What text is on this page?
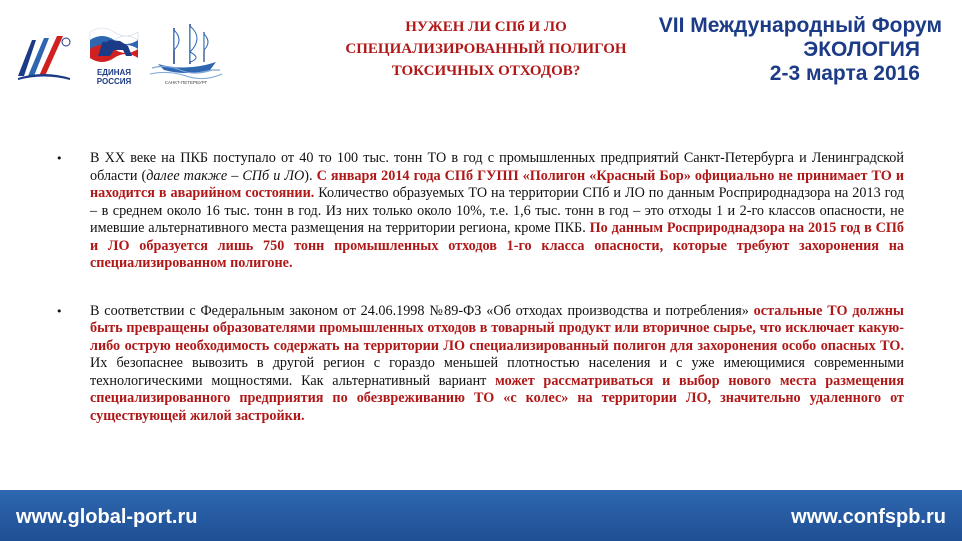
ЕДИНАЯ
РОССИЯ	САНКТ-ПЕТЕРБУРГ
НУЖЕН ЛИ СПб И ЛО
СПЕЦИАЛИЗИРОВАННЫЙ ПОЛИГОН
ТОКСИЧНЫХ ОТХОДОВ?
VII Международный Форум
ЭКОЛОГИЯ
2-3 марта 2016
• В XX веке на ПКБ поступало от 40 то 100 тыс. тонн ТО в год с промышленных предприятий Санкт-Петербурга и Ленинградской области (далее также – СПб и ЛО). С января 2014 года СПб ГУПП «Полигон «Красный Бор» официально не принимает ТО и находится в аварийном состоянии. Количество образуемых ТО на территории СПб и ЛО по данным Росприроднадзора на 2013 год – в среднем около 16 тыс. тонн в год. Из них только около 10%, т.е. 1,6 тыс. тонн в год – это отходы 1 и 2-го классов опасности, не имевшие альтернативного места размещения на территории региона, кроме ПКБ. По данным Росприроднадзора на 2015 год в СПб и ЛО образуется лишь 750 тонн промышленных отходов 1-го класса опасности, которые требуют захоронения на специализированном полигоне.
• В соответствии с Федеральным законом от 24.06.1998 №89-ФЗ «Об отходах производства и потребления» остальные ТО должны быть превращены образователями промышленных отходов в товарный продукт или вторичное сырье, что исключает какую-либо острую необходимость содержать на территории ЛО специализированный полигон для захоронения особо опасных ТО. Их безопаснее вывозить в другой регион с гораздо меньшей плотностью населения и с уже имеющимися современными технологическими мощностями. Как альтернативный вариант может рассматриваться и выбор нового места размещения специализированного предприятия по обезвреживанию ТО «с колес» на территории ЛО, значительно удаленного от существующей жилой застройки.
www.global-port.ru	www.confspb.ru
